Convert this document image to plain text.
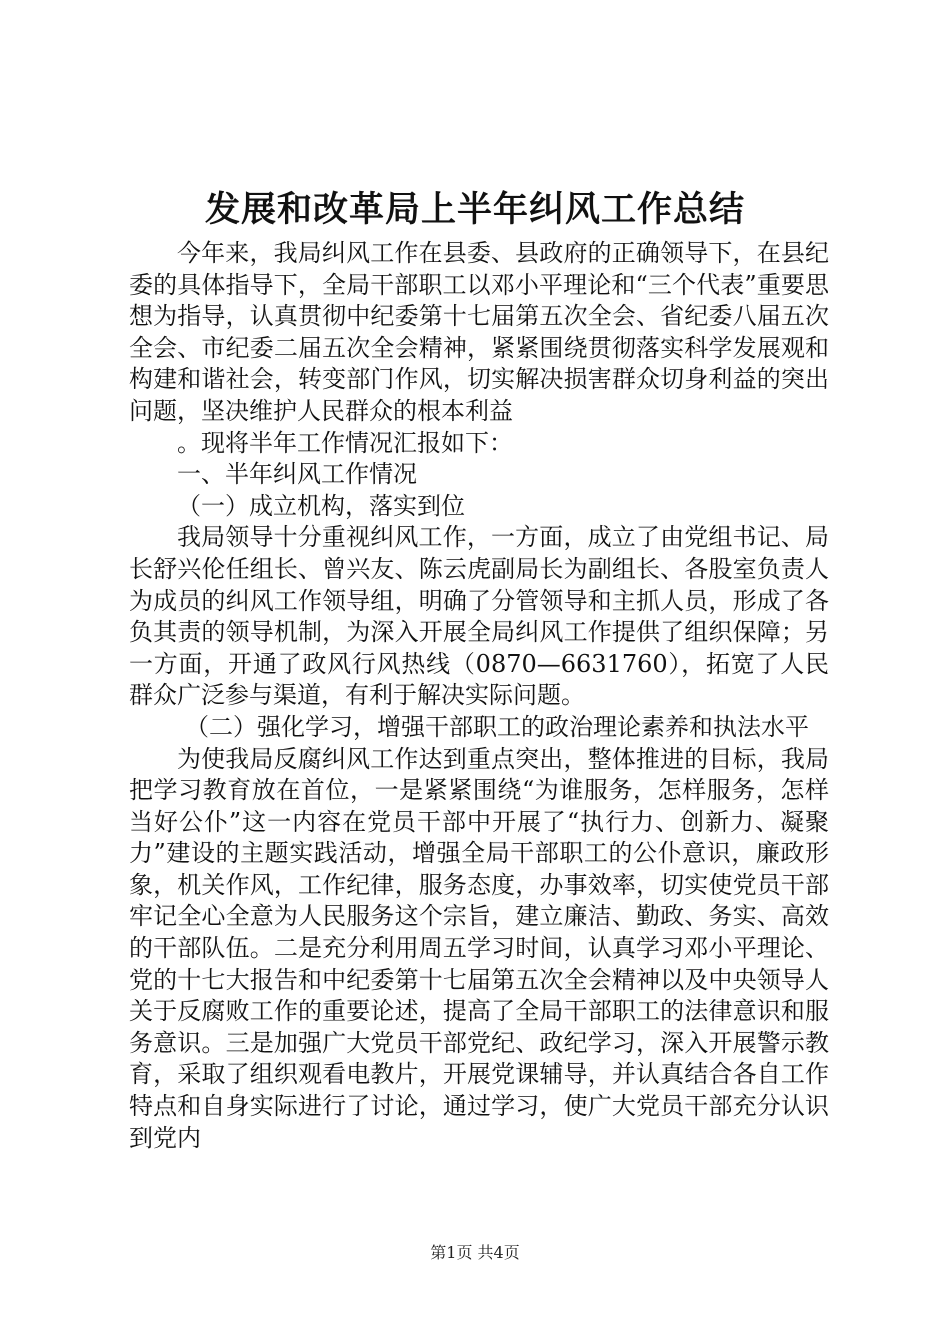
发展和改革局上半年纠风工作总结

今年来，我局纠风工作在县委、县政府的正确领导下，在县纪委的具体指导下，全局干部职工以邓小平理论和“三个代表”重要思想为指导，认真贯彻中纪委第十七届第五次全会、省纪委八届五次全会、市纪委二届五次全会精神，紧紧围绕贯彻落实科学发展观和构建和谐社会，转变部门作风，切实解决损害群众切身利益的突出问题，坚决维护人民群众的根本利益

。现将半年工作情况汇报如下：

一、半年纠风工作情况

（一）成立机构，落实到位

我局领导十分重视纠风工作，一方面，成立了由党组书记、局长舒兴伦任组长、曾兴友、陈云虎副局长为副组长、各股室负责人为成员的纠风工作领导组，明确了分管领导和主抓人员，形成了各负其责的领导机制，为深入开展全局纠风工作提供了组织保障；另一方面，开通了政风行风热线（0870—6631760），拓宽了人民群众广泛参与渠道，有利于解决实际问题。

（二）强化学习，增强干部职工的政治理论素养和执法水平

为使我局反腐纠风工作达到重点突出，整体推进的目标，我局把学习教育放在首位，一是紧紧围绕“为谁服务，怎样服务，怎样当好公仆”这一内容在党员干部中开展了“执行力、创新力、凝聚力”建设的主题实践活动，增强全局干部职工的公仆意识，廉政形象，机关作风，工作纪律，服务态度，办事效率，切实使党员干部牢记全心全意为人民服务这个宗旨，建立廉洁、勤政、务实、高效的干部队伍。二是充分利用周五学习时间，认真学习邓小平理论、党的十七大报告和中纪委第十七届第五次全会精神以及中央领导人关于反腐败工作的重要论述，提高了全局干部职工的法律意识和服务意识。三是加强广大党员干部党纪、政纪学习，深入开展警示教育，采取了组织观看电教片，开展党课辅导，并认真结合各自工作特点和自身实际进行了讨论，通过学习，使广大党员干部充分认识到党内

第1页 共4页
